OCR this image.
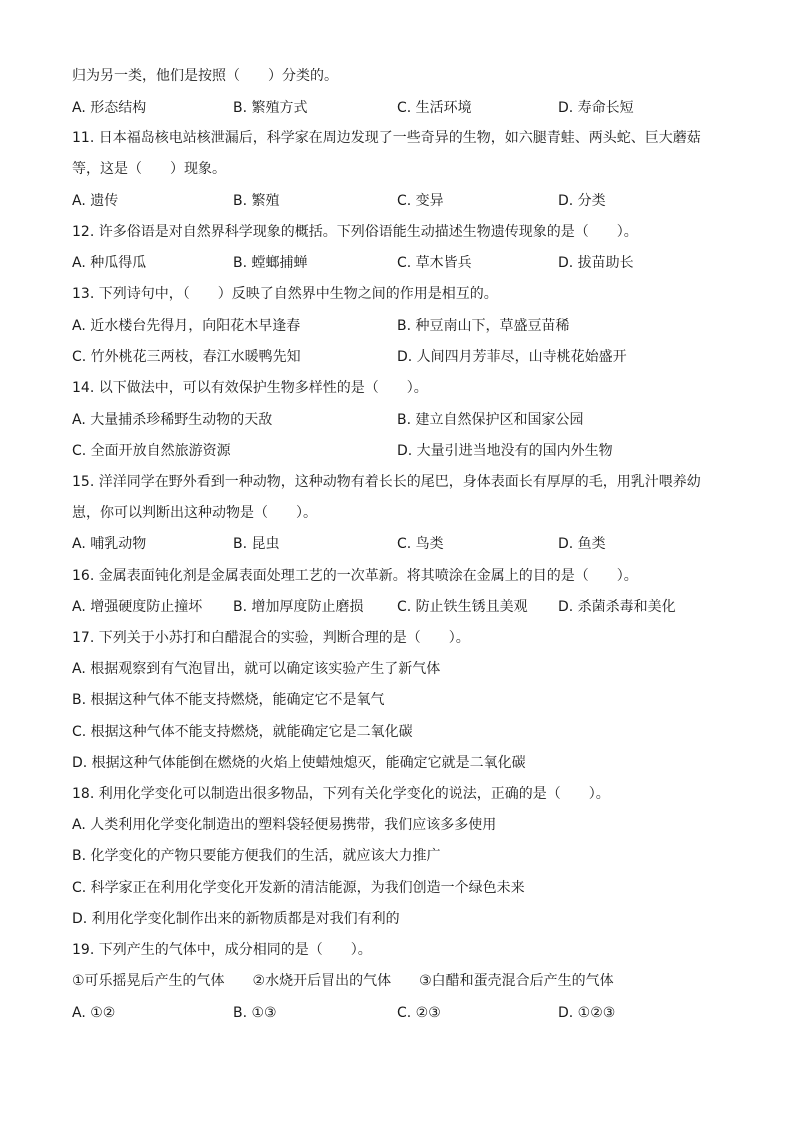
归为另一类，他们是按照（　　）分类的。
A. 形态结构	B. 繁殖方式	C. 生活环境	D. 寿命长短
11. 日本福岛核电站核泄漏后，科学家在周边发现了一些奇异的生物，如六腿青蛙、两头蛇、巨大蘑菇
等，这是（　　）现象。
A. 遗传	B. 繁殖	C. 变异	D. 分类
12. 许多俗语是对自然界科学现象的概括。下列俗语能生动描述生物遗传现象的是（　　）。
A. 种瓜得瓜	B. 螳螂捕蝉	C. 草木皆兵	D. 拔苗助长
13. 下列诗句中，（　　）反映了自然界中生物之间的作用是相互的。
A. 近水楼台先得月，向阳花木早逢春	B. 种豆南山下，草盛豆苗稀
C. 竹外桃花三两枝，春江水暖鸭先知	D. 人间四月芳菲尽，山寺桃花始盛开
14. 以下做法中，可以有效保护生物多样性的是（　　）。
A. 大量捕杀珍稀野生动物的天敌	B. 建立自然保护区和国家公园
C. 全面开放自然旅游资源	D. 大量引进当地没有的国内外生物
15. 洋洋同学在野外看到一种动物，这种动物有着长长的尾巴，身体表面长有厚厚的毛，用乳汁喂养幼
崽，你可以判断出这种动物是（　　）。
A. 哺乳动物	B. 昆虫	C. 鸟类	D. 鱼类
16. 金属表面钝化剂是金属表面处理工艺的一次革新。将其喷涂在金属上的目的是（　　）。
A. 增强硬度防止撞坏 B. 增加厚度防止磨损 C. 防止铁生锈且美观 D. 杀菌杀毒和美化
17. 下列关于小苏打和白醋混合的实验，判断合理的是（　　）。
A. 根据观察到有气泡冒出，就可以确定该实验产生了新气体
B. 根据这种气体不能支持燃烧，能确定它不是氧气
C. 根据这种气体不能支持燃烧，就能确定它是二氧化碳
D. 根据这种气体能倒在燃烧的火焰上使蜡烛熄灭，能确定它就是二氧化碳
18. 利用化学变化可以制造出很多物品，下列有关化学变化的说法，正确的是（　　）。
A. 人类利用化学变化制造出的塑料袋轻便易携带，我们应该多多使用
B. 化学变化的产物只要能方便我们的生活，就应该大力推广
C. 科学家正在利用化学变化开发新的清洁能源，为我们创造一个绿色未来
D. 利用化学变化制作出来的新物质都是对我们有利的
19. 下列产生的气体中，成分相同的是（　　）。
①可乐摇晃后产生的气体　　②水烧开后冒出的气体　　③白醋和蛋壳混合后产生的气体
A. ①②	B. ①③	C. ②③	D. ①②③
